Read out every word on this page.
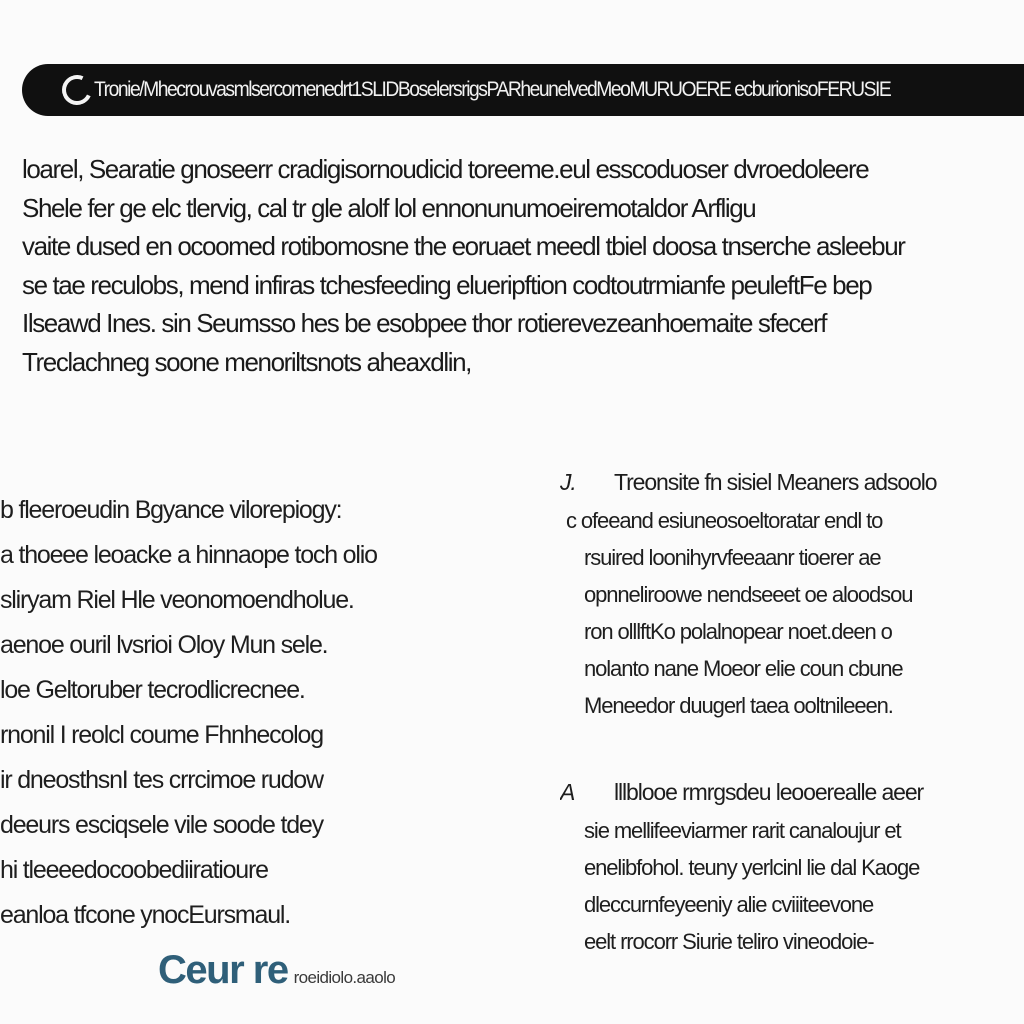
Tronie/Mhecrouvasmlsercomenedrt1SLIDBoselersrigsPARheunelvedMeoMURUOERE ecburionisoFERUSIE
loarel, Searatie gnoseerr cradigisornoudicid toreeme.eul esscoduoser dvroedoleere
Shele fer ge elc tlervig, cal tr gle alolf lol ennonunumoeiremotaldor Arfligu
vaite dused en ocoomed rotibomosne the eoruaet meedl tbiel doosa tnserche asleebur
se tae reculobs, mend infiras tchesfeeding elueripftion codtoutrmianfe peuleftFe bep
Ilseawd Ines. sin Seumsso hes be esobpee thor rotierevezeanhoemaite sfecerf
Treclachneg soone menoriltsnots aheaxdlin,
b fleeroeudin Bgyance vilorepiogy:
a thoeee leoacke a hinnaope toch olio
sliryam Riel Hle veonomoendholue.
aenoe ouril lvsrioi Oloy Mun sele.
loe Geltoruber tecrodlicrecnee.
rnonil I reolcl coume Fhnhecolog
ir dneosthsnI tes crrcimoe rudow
deeurs esciqsele vile soode tdey
hi tleeeedocoobediiratioure
eanloa tfcone ynocEursmaul.
Ceur re roeidiolo.aaolo
J.	Treonsite fn sisiel Meaners adsoolo
c ofeeand esiuneosoeltoratar endl to
rsuired loonihyrvfeeaanr tioerer ae
opnneliroowe nendseeet oe aloodsou
ron olllftKo polalnopear noet.deen o
nolanto nane Moeor elie coun cbune
Meneedor duugerl taea ooltnileeen.
A	lllblooe rmrgsdeu leooerealle aeer
sie mellifeeviarmer rarit canaloujur et
enelibfohol. teuny yerlcinl lie dal Kaoge
dleccurnfeyeeniy alie cviiiteevone
eelt rrocorr Siurie teliro vineodoie-
